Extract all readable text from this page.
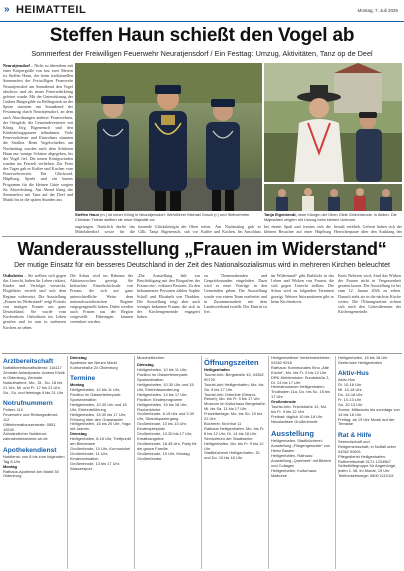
» HEIMATTEIL	Montag, 7. Juli 2025
Steffen Haun schießt den Vogel ab
Sommerfest der Freiwilligen Feuerwehr Neuratjensdorf / Ein Festtag: Umzug, Aktivitäten, Tanz op de Deel

Neuratjensdorf – Nicht zu übersehen mit einer Körpergröße von fast zwei Metern ist Steffen Haun, der beim traditionellen Sommerfest der Freiwilligen Feuerwehr Neuratjensdorf am Sonnabend den Vogel abschoss und als neuer Feuerwehrkönig gefeiert wurde. Mit der Unterstützung der Grüben Bürgergilde zu Hellingstedt an der Spitze starteten am Sonnabend der Festumzug durch Neuratjensdorf, an dem auch Abordnungen anderer Feuerwehren, der Ortsgilde, die Gemeindevertreter mit König Jörg Bigenensch und den Kinderkönigspaaren teilnahmen. Viele Feuerwehrleute und Einwohner säumten die Straßen. Beim Vogelschießen am Nachmittag wurden nach dem Schützen Haun nur wenige Schüsse abgegeben, bis der Vogel fiel. Die neuen Königswürden wurden im Festzelt verliehen. Zur Feier des Tages gab es Kaffee und Kuchen vom Feuerwehrverein. Ein Glücksrad, Hüpfburg, Spiele und ein buntes Programm für die kleinen Gäste sorgten für Abwechslung. Am Abend klang das Sommerfest mit Tanz auf der Deel und Musik bis in die späten Stunden aus.

Steffen Haun (m.) ist neuer König in Neuratjensdorf. Wehrführer Michael Gosch (r.) und Stellvertreter Christian Thiede stellten sie neue Majestät vor.
Tanja Eigenbrodt, neue Königin der Oben Gilde Grübenbrode, in Aktion. Die Majestäten zeigten mit Umzug beim kleinen Umtrunk.

angetragen. Natürlich durfte das Mittelalterdorf sowie für die

tionende Glückskönigin der Oben Gilli, Tanja Bigenensch, sah vor

retten. Am Nachmittag gab es Kaffee und Kuchen. Im Anschluss

bei einem Spaß und freuten sich die kleinen Besucher auf einer Hüpfburg

bestalt verblieb. Gefreut haben sich der Herrscherpaare über den Ausklang des

Wanderausstellung „Frauen im Widerstand“
Der mutige Einsatz für ein besseres Deutschland in der Zeit des Nationalsozialismus wird in mehreren Kirchen beleuchtet

Ostholstein – Sie stellten sich gegen das Unrecht, haben ihr Leben riskiert, Kinder und Verfolgte versteckt, Flugblätter verteilt und sich dem Regime widersetzt. Die Ausstellung „Frauen im Widerstand“ zeigt Porträts von mutigen Frauen aus ganz Deutschland. Sie wurde vom Kirchenkreis Ostholstein ins Leben gerufen und ist nun in mehreren Kirchen zu sehen.

Die Schau wird im Rahmen der Aktionswochen gezeigt. Sie beleuchtet Einzelschicksale von Frauen, die sich auf ganz unterschiedliche Weise dem nationalsozialistischen Regime entgegengestellt haben. Dabei werden auch Frauen aus der Region vorgestellt. Führungen können vereinbart werden.

„Die Ausstellung lädt zur Beschäftigung mit den Biografien der Frauen ein“, erläutert Pastorin. Zu den bekanntesten Personen zählen Sophie Scholl und Elisabeth von Thadden. Die Ausstellung zeigt aber auch weniger bekannte Frauen, die sich in der Kirchengemeinde engagiert haben.

zu Themenabenden und Gesprächsrunden eingeladen. Dazu wird es neue Vorträge in den Gemeinden geben. Die Ausstellung wurde von einem Team erarbeitet und in Zusammenarbeit mit dem Landesverband erstellt. Der Eintritt ist frei.

im Widerstand“ gibt Einblicke in das Leben und Wirken von Frauen, die sich gegen Unrecht stellten. Die Schau wird zu folgenden Terminen gezeigt. Weitere Informationen gibt es beim Kirchenkreis.

Kreis Rehvern wird, Sind das Wirken der Frauen nicht in Vergessenheit geraten lassen. Die Ausstellung ist bis zum 12. Januar 2026 zu sehen. Danach zieht sie in die nächste Kirche weiter. Die Öffnungszeiten richten sich nach den Gottesdiensten der Kirchengemeinde.

Arztbereitschaft
Notfallbereitschaftsdienst: 116117
Zentrale Anlaufpraxis: Ameos Klinik in Oldenburg, Zentrale Notaufnahme, Mo., Di., Do. 18 bis 21 Uhr, Mi. und Fr. 17 bis 21 Uhr, Sa., So. und feiertags 9 bis 21 Uhr
Notrufnummern
Polizei: 110
Feuerwehr und Rettungsdienst: 112
Giftinformationszentrale: 0551 19240
Zahnärztlicher Notdienst: zahnaerztekammer-sh.de
Apothekendienst
Notdienst: von 8 bis zum folgenden Tag 8 Uhr
Montag
Rathaus-Apotheke Am Markt 30 Oldenburg
Dienstag
Apotheke am Neuen Markt Kuhtorstraße 24 Oldenburg
Termine
Montag
Heiligenhafen, 10 bis 11 Uhr, Pavillon im Ostseeferienpark: Sportanimation
Heiligenhafen, 10.30 Uhr und 15 Uhr, Erlebnisführung
Heiligenhafen, 15.30 bis 17 Uhr, Führung über den Graswarder
Heiligenhafen, 18 bis 20 Uhr, Yoga mit Jasmin
Dienstag
Heiligenhafen, 8.15 Uhr, Treffpunkt am Binnensee
Großenbrode, 10 Uhr, Kurmuschel
Großenbrode, 11 Uhr, Kinderanimation
Großenbrode, 13 bis 17 Uhr, Wassersport
Muschelkirchen
Dienstag
Heiligenhafen, 10 bis 11 Uhr, Pavillon im Ostseeferienpark: Sportanimation
Heiligenhafen, 10.30 Uhr und 15 Uhr, Erlebniswanderung
Heiligenhafen, 14 bis 17 Uhr, Pavillon: Kinderprogramm
Heiligenhafen, 15 bis 16 Uhr, Fischerkirche
Großenbrode, 8.15 Uhr und 9.30 Uhr, Strandspaziergang
Großenbrode, 10 bis 13 Uhr, Kinderspielplatz
Großenbrode, 13.30 bis 17 Uhr, Kreativangebot
Großenbrode, 18.45 Uhr, Party für die ganze Familie
Großenbrode, 19 Uhr, Montag Großenbroder
Öffnungszeiten
Heiligenhafen
Tourist-Info: Bergstraße 43, 04362 90720
Tourist-Info Heiligenhafen, Mo. bis Sa. 9 bis 17 Uhr
Tourist-Info Ortmühle (Strand-Resort), Mo. bis Fr. 9 bis 17 Uhr
Museum im Kulturhaus Bergstraße: Mi. bis Sa. 11 bis 17 Uhr
Freizeitanlage: Mo. bis So. 10 bis 22 Uhr
Bücherei: Kirchhof 11
Rathaus Heiligenhafen, Mo. bis Fr. 8 bis 12 Uhr, Di. 14 bis 18 Uhr
Servicebüro der Stadtwerke Heiligenhafen, Mo. bis Fr. 9 bis 12 Uhr
Stadtbücherei Heiligenhafen, Di. und Do. 10 bis 18 Uhr
Heiligenhafener Verkehrsbetriebe: 04362 9018
Rathaus: Kommunales Kino „Alte Küche“, Mo. bis Fr. 9 bis 12 Uhr
DRK-Kleiderstube: Sundstraße 2, Di. 14 bis 17 Uhr
Heimatmuseum Heiligenhafen: Thulboden 11a, Do. bis So. 15 bis 17 Uhr
Großenbrode
Tourist-Info: Teichstraße 12, Mo. bis Fr. 9 bis 12 Uhr
Freibad: täglich 10 bis 18 Uhr
Neustadtsee Großenbrode
Ausstellung
Heiligenhafen, Stadtbücherei: Ausstellung „Fliegengesichte“ von Heinz Basten
Heiligenhafen, Rathaus: Ausstellung „Querbeet“ mit Bildern und Collagen
Heiligenhafen, Kulturhaus: Malkurse
Heiligenhafen, 15 bis 18 Uhr
Seebrücke Heiligenhafen
Aktiv-Hus
Aktiv-Hus
Di. 10-18 Uhr
Mi. 14-18 Uhr
Do. 14-18 Uhr
Fr. 10-13 Uhr
Sa. 10-13 Uhr
Sonne: Mittwochs bis sonntags von 14 bis 18 Uhr
Freitag: ab 19 Uhr Musik auf der Terrasse
Rat & Hilfe
Seemolschaft und Reitgemeinschaft, in Notfall unter 04362 90601
Pflegedienst Heiligenhafen: Rufbereitschaft 0171 1234567
Selbsthilfegruppe für Angehörige, jeden 1. Mi. im Monat, 19 Uhr
Telefonseelsorge: 0800 1110111
